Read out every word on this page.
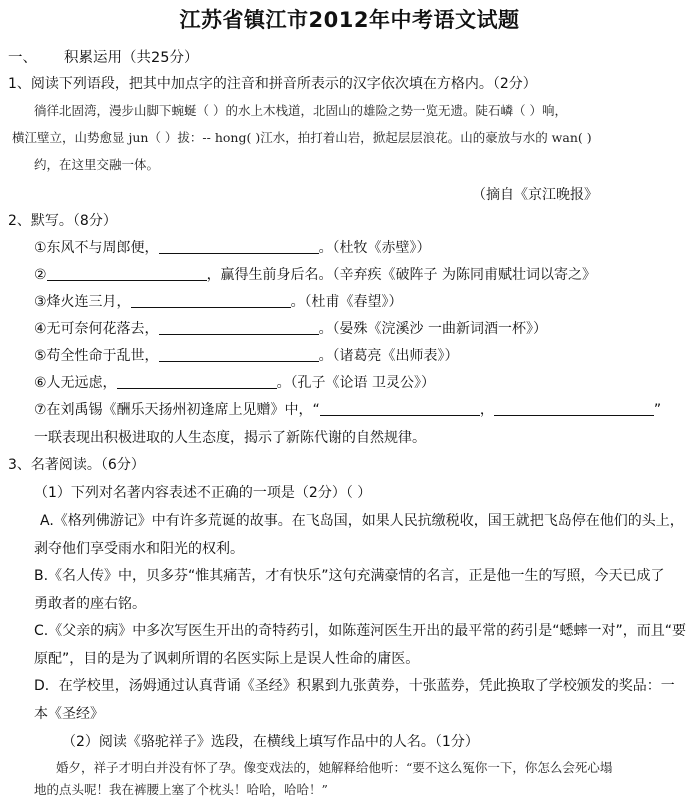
江苏省镇江市2012年中考语文试题
一、 积累运用（共25分）
1、阅读下列语段，把其中加点字的注音和拼音所表示的汉字依次填在方格内。（2分）
徜徉北固湾，漫步山脚下蜿蜒（ ）的水上木栈道，北固山的雄险之势一览无遗。陡石嶙（ ）响，
横江壁立，山势愈显 jun（ ）拔：-- hong( )江水，拍打着山岩，掀起层层浪花。山的豪放与水的 wan( )
约，在这里交融一体。
（摘自《京江晚报》
2、默写。（8分）
①东风不与周郎便，	。（杜牧《赤壁》）
②	，赢得生前身后名。（辛弃疾《破阵子 为陈同甫赋壮词以寄之》
③烽火连三月，	。（杜甫《春望》）
④无可奈何花落去，	。（晏殊《浣溪沙 一曲新词酒一杯》）
⑤苟全性命于乱世，	。（诸葛亮《出师表》）
⑥人无远虑，	。（孔子《论语 卫灵公》）
⑦在刘禹锡《酬乐天扬州初逢席上见赠》中，“	，	”
一联表现出积极进取的人生态度，揭示了新陈代谢的自然规律。
3、名著阅读。（6分）
（1）下列对名著内容表述不正确的一项是（2分）（ ）
A.《格列佛游记》中有许多荒诞的故事。在飞岛国，如果人民抗缴税收，国王就把飞岛停在他们的头上，
剥夺他们享受雨水和阳光的权利。
B.《名人传》中，贝多芬“惟其痛苦，才有快乐”这句充满豪情的名言，正是他一生的写照，今天已成了
勇敢者的座右铭。
C.《父亲的病》中多次写医生开出的奇特药引，如陈莲河医生开出的最平常的药引是“蟋蟀一对”，而且“要
原配”，目的是为了讽刺所谓的名医实际上是误人性命的庸医。
D．在学校里，汤姆通过认真背诵《圣经》积累到九张黄券，十张蓝券，凭此换取了学校颁发的奖品：一
本《圣经》
（2）阅读《骆驼祥子》选段，在横线上填写作品中的人名。（1分）
婚夕，祥子才明白并没有怀了孕。像变戏法的，她解释给他听：“要不这么冤你一下，你怎么会死心塌
地的点头呢！我在裤腰上塞了个枕头！哈哈，哈哈！”
